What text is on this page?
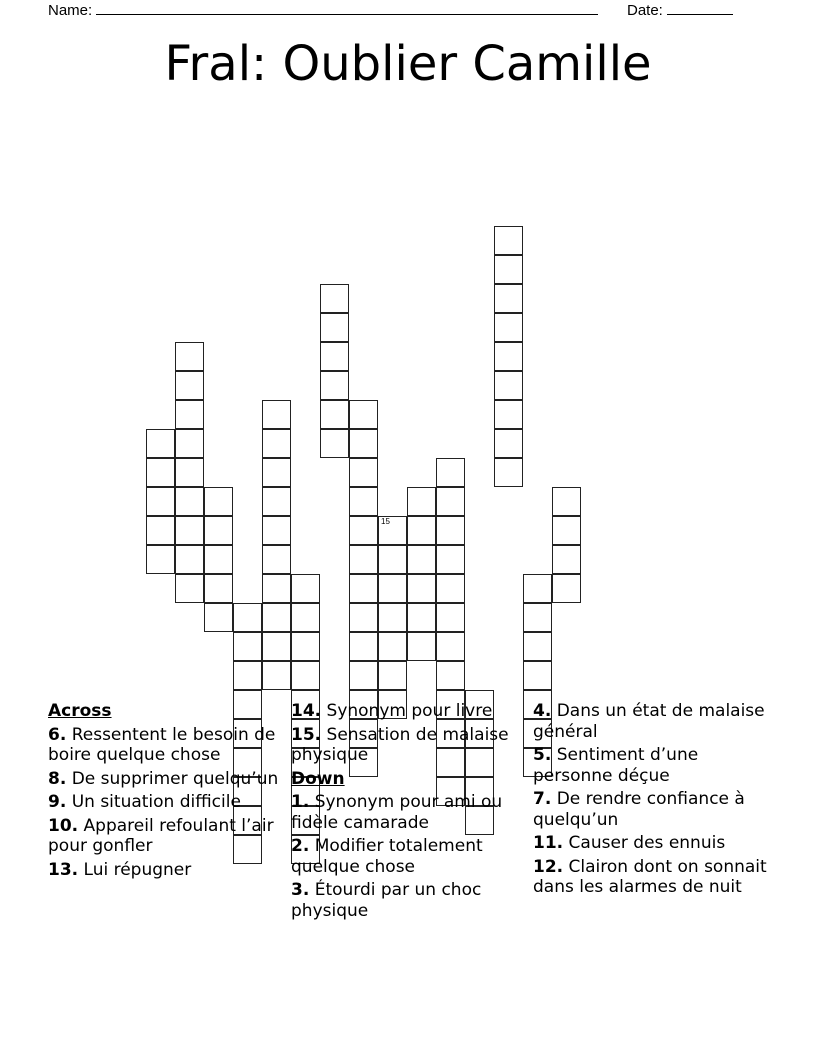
Name:	Date:
Fral: Oublier Camille
15
Across
6. Ressentent le besoin de boire quelque chose
8. De supprimer quelqu’un
9. Un situation difficile
10. Appareil refoulant l’air pour gonfler
13. Lui répugner
14. Synonym pour livre
15. Sensation de malaise physique
Down
1. Synonym pour ami ou fidèle camarade
2. Modifier totalement quelque chose
3. Étourdi par un choc physique
4. Dans un état de malaise général
5. Sentiment d’une personne déçue
7. De rendre confiance à quelqu’un
11. Causer des ennuis
12. Clairon dont on sonnait dans les alarmes de nuit
